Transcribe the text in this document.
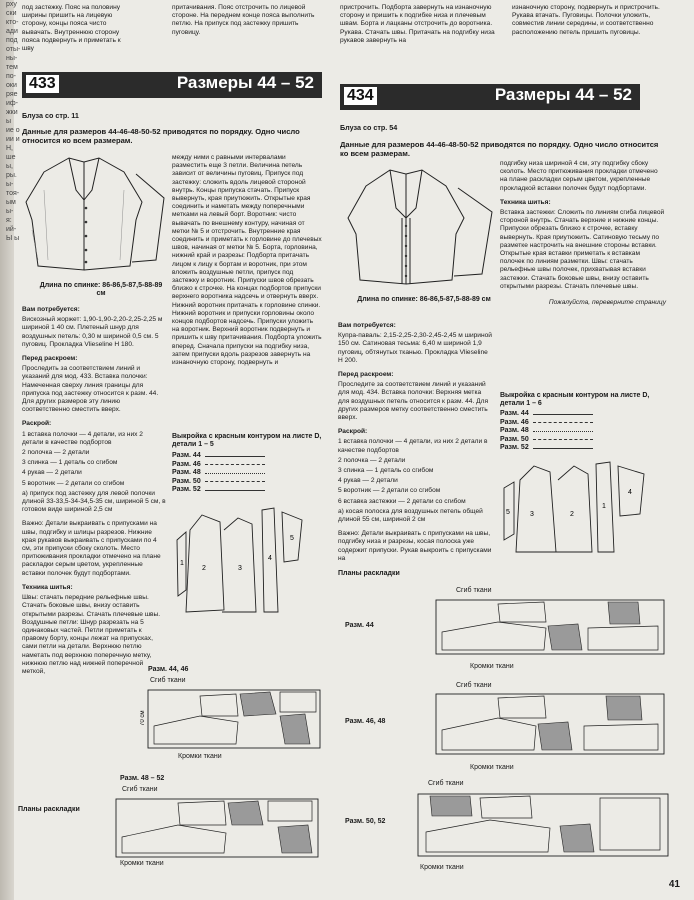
рху ски кто- ади под оты- ны- тем по- оки ряе иф- жки ы ие о ии и Н, ше ы, ры. ы- тоя- ым ы- я: ий- Ы ы
под застежку. Пояс на половину ширины пришить на лицевую сторону, концы пояса чисто вывачать. Внутреннюю сторону пояса подвернуть и приметать к шву
притачивания. Пояс отстрочить по лицевой стороне. На переднем конце пояса выполнить петлю. На припуск под застежку пришить пуговицу.
пристрочить. Подборта завернуть на изнаночную сторону и пришить к подгибке низа и плечевым швам. Борта и лацканы отстрочить до воротника. Рукава. Стачать швы. Притачать на подгибку низа рукавов завернуть на
изнаночную сторону, подвернуть и пристрочить. Рукава втачать. Пуговицы. Полочки уложить, совместив линии середины, и соответственно расположению петель пришить пуговицы.
433	Размеры 44 – 52
Блуза со стр. 11
Данные для размеров 44-46-48-50-52 приводятся по порядку. Одно число относится ко всем размерам.
Длина по спинке: 86-86,5-87,5-88-89 см

Вам потребуется:

Вискозный жоржет: 1,90-1,90-2,20-2,25-2,25 м шириной 1 40 см. Плетеный шнур для воздушных петель: 0,30 м шириной 0,5 см. 5 пуговиц. Прокладка Vlieseline H 180.

Перед раскроем:

Проследить за соответствием линий и указаний для мод. 433. Вставка полочки: Намеченная сверху линия границы для припуска под застежку относится к разм. 44. Для других размеров эту линию соответственно сместить вверх.

Раскрой:

1 вставка полочки — 4 детали, из них 2 детали в качестве подбортов

2 полочка — 2 детали

3 спинка — 1 деталь со сгибом

4 рукав — 2 детали

5 воротник — 2 детали со сгибом

а) припуск под застежку для левой полочки длиной 33-33,5-34-34,5-35 см, шириной 5 см, в готовом виде шириной 2,5 см

Важно: Детали выкраивать с припусками на швы, подгибку и шлицы разрезов. Нижние края рукавов выкраивать с припусками по 4 см, эти припуски сбоку сколоть. Место притюживания прокладки отмечено на плане раскладки серым цветом, укрепленные вставки полочек будут подбортами.

Техника шитья:

Швы: стачать передние рельефные швы. Стачать боковые швы, внизу оставить открытыми разрезы. Стачать плечевые швы. Воздушные петли: Шнур разрезать на 5 одинаковых частей. Петли приметать к правому борту, концы лежат на припусках, сами петли на детали. Верхнюю петлю наметать под верхнюю поперечную метку, нижнюю петлю над нижней поперечной меткой,

между ними с равными интервалами разместить еще 3 петли. Величина петель зависит от величины пуговиц. Припуск под застежку: сложить вдоль лицевой стороной внутрь. Концы припуска стачать. Припуск вывернуть, края приутюжить. Открытые края соединить и наметать между поперечными метками на левый борт. Воротник: чисто вывачать по внешнему контуру, начиная от метки № 5 и отстрочить. Внутренние края соединить и приметать к горловине до плечевых швов, начиная от метки № 5. Борта, горловина, нижний край и разрезы: Подборта притачать лицом к лицу к бортам и воротник, при этом вложить воздушные петли, припуск под застежку и воротник. Припуски швов обрезать близко к строчке. На концах подбортов припуски верхнего воротника надсечь и отвернуть вверх. Нижний воротник притачать к горловине спинки. Нижний воротник и припуски горловины около концов подбортов надсечь. Припуски уложить на воротник. Верхний воротник подвернуть и пришить к шву притачивания. Подборта уложить вперед. Сначала припуски на подгибку низа, затем припуски вдоль разрезов завернуть на изнаночную сторону, подвернуть и
Выкройка с красным контуром на листе D, детали 1 – 5
Разм. 44
Разм. 46
Разм. 48
Разм. 50
Разм. 52
2	3
4
5
1
Разм. 44, 46
Сгиб ткани
70 см
Кромки ткани
Разм. 48 – 52
Сгиб ткани
Кромки ткани
Планы раскладки
434	Размеры 44 – 52
Блуза со стр. 54
Данные для размеров 44-46-48-50-52 приводятся по порядку. Одно число относится ко всем размерам.
Длина по спинке: 86-86,5-87,5-88-89 см

Вам потребуется:

Купра-паваль: 2,15-2,25-2,30-2,45-2,45 м шириной 150 см. Сатиновая тесьма: 6,40 м шириной 1,9 пуговиц, обтянутых тканью. Прокладка Vlieseline H 200.

Перед раскроем:

Проследите за соответствием линий и указаний для мод. 434. Вставка полочки: Верхняя метка для воздушных петель относится к разм. 44. Для других размеров метку соответственно сместить вверх.

Раскрой:

1 вставка полочки — 4 детали, из них 2 детали в качестве подбортов

2 полочка — 2 детали

3 спинка — 1 деталь со сгибом

4 рукав — 2 детали

5 воротник — 2 детали со сгибом

6 вставка застежки — 2 детали со сгибом

а) косая полоска для воздушных петель общей длиной 55 см, шириной 2 см

Важно: Детали выкраивать с припусками на швы, подгибку низа и разрезы, косая полоска уже содержит припуски. Рукав выкроить с припусками на

подгибку низа шириной 4 см, эту подгибку сбоку сколоть. Место притюживания прокладки отмечено на плане раскладки серым цветом, укрепленные прокладкой вставки полочек будут подбортами.

Техника шитья:

Вставка застежки: Сложить по линиям сгиба лицевой стороной внутрь. Стачать верхние и нижние концы. Припуски обрезать близко к строчке, вставку вывернуть. Края приутюжить. Сатиновую тесьму по разметке настрочить на внешние стороны вставки. Открытые края вставки приметать к вставкам полочек по линиям разметки. Швы: стачать рельефные швы полочек, прихватывая вставки застежки. Стачать боковые швы, внизу оставить открытыми разрезы. Стачать плечевые швы.

Пожалуйста, переверните страницу

Выкройка с красным контуром на листе D, детали 1 – 6
Разм. 44
Разм. 46
Разм. 48
Разм. 50
Разм. 52
3	2
1
4
5
Планы раскладки
Разм. 44
Сгиб ткани
Кромки ткани
Разм. 46, 48
Сгиб ткани
Кромки ткани
Разм. 50, 52
Сгиб ткани
Кромки ткани
41
